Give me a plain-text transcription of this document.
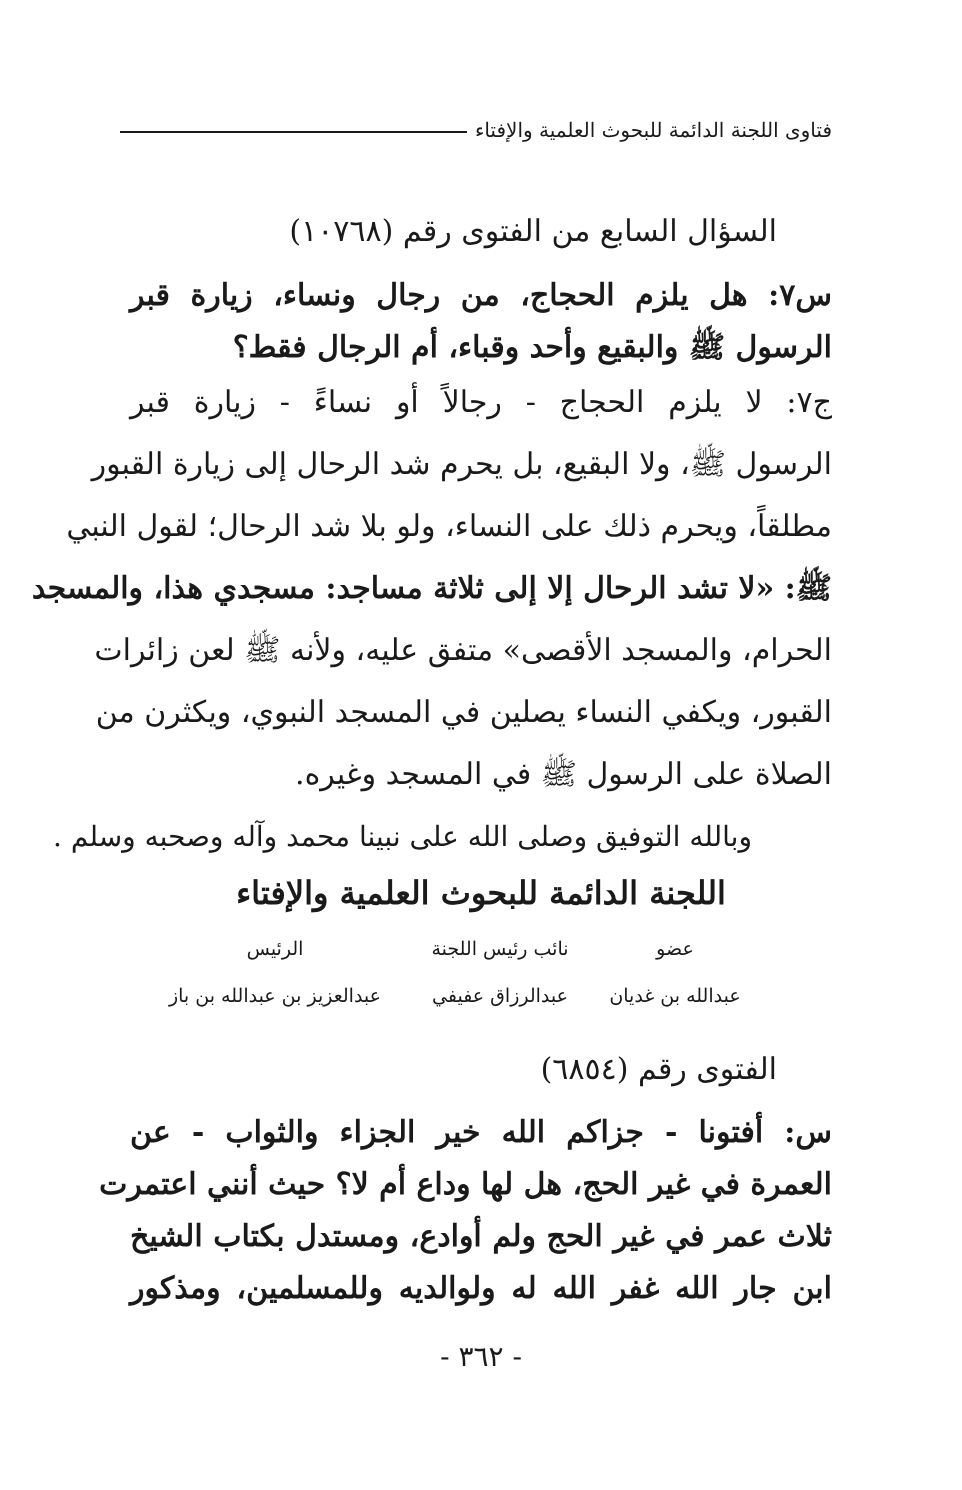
فتاوى اللجنة الدائمة للبحوث العلمية والإفتاء
السؤال السابع من الفتوى رقم (١٠٧٦٨)
س٧: هل يلزم الحجاج، من رجال ونساء، زيارة قبر
الرسول ﷺ والبقيع وأحد وقباء، أم الرجال فقط؟
ج٧: لا يلزم الحجاج - رجالاً أو نساءً - زيارة قبر
الرسول ﷺ، ولا البقيع، بل يحرم شد الرحال إلى زيارة القبور
مطلقاً، ويحرم ذلك على النساء، ولو بلا شد الرحال؛ لقول النبي
ﷺ: «لا تشد الرحال إلا إلى ثلاثة مساجد: مسجدي هذا، والمسجد
الحرام، والمسجد الأقصى» متفق عليه، ولأنه ﷺ لعن زائرات
القبور، ويكفي النساء يصلين في المسجد النبوي، ويكثرن من
الصلاة على الرسول ﷺ في المسجد وغيره.
وبالله التوفيق وصلى الله على نبينا محمد وآله وصحبه وسلم .
اللجنة الدائمة للبحوث العلمية والإفتاء
عضو
نائب رئيس اللجنة
الرئيس
عبدالله بن غديان
عبدالرزاق عفيفي
عبدالعزيز بن عبدالله بن باز
الفتوى رقم (٦٨٥٤)
س: أفتونا - جزاكم الله خير الجزاء والثواب - عن
العمرة في غير الحج، هل لها وداع أم لا؟ حيث أنني اعتمرت
ثلاث عمر في غير الحج ولم أوادع، ومستدل بكتاب الشيخ
ابن جار الله غفر الله له ولوالديه وللمسلمين، ومذكور
- ٣٦٢ -
